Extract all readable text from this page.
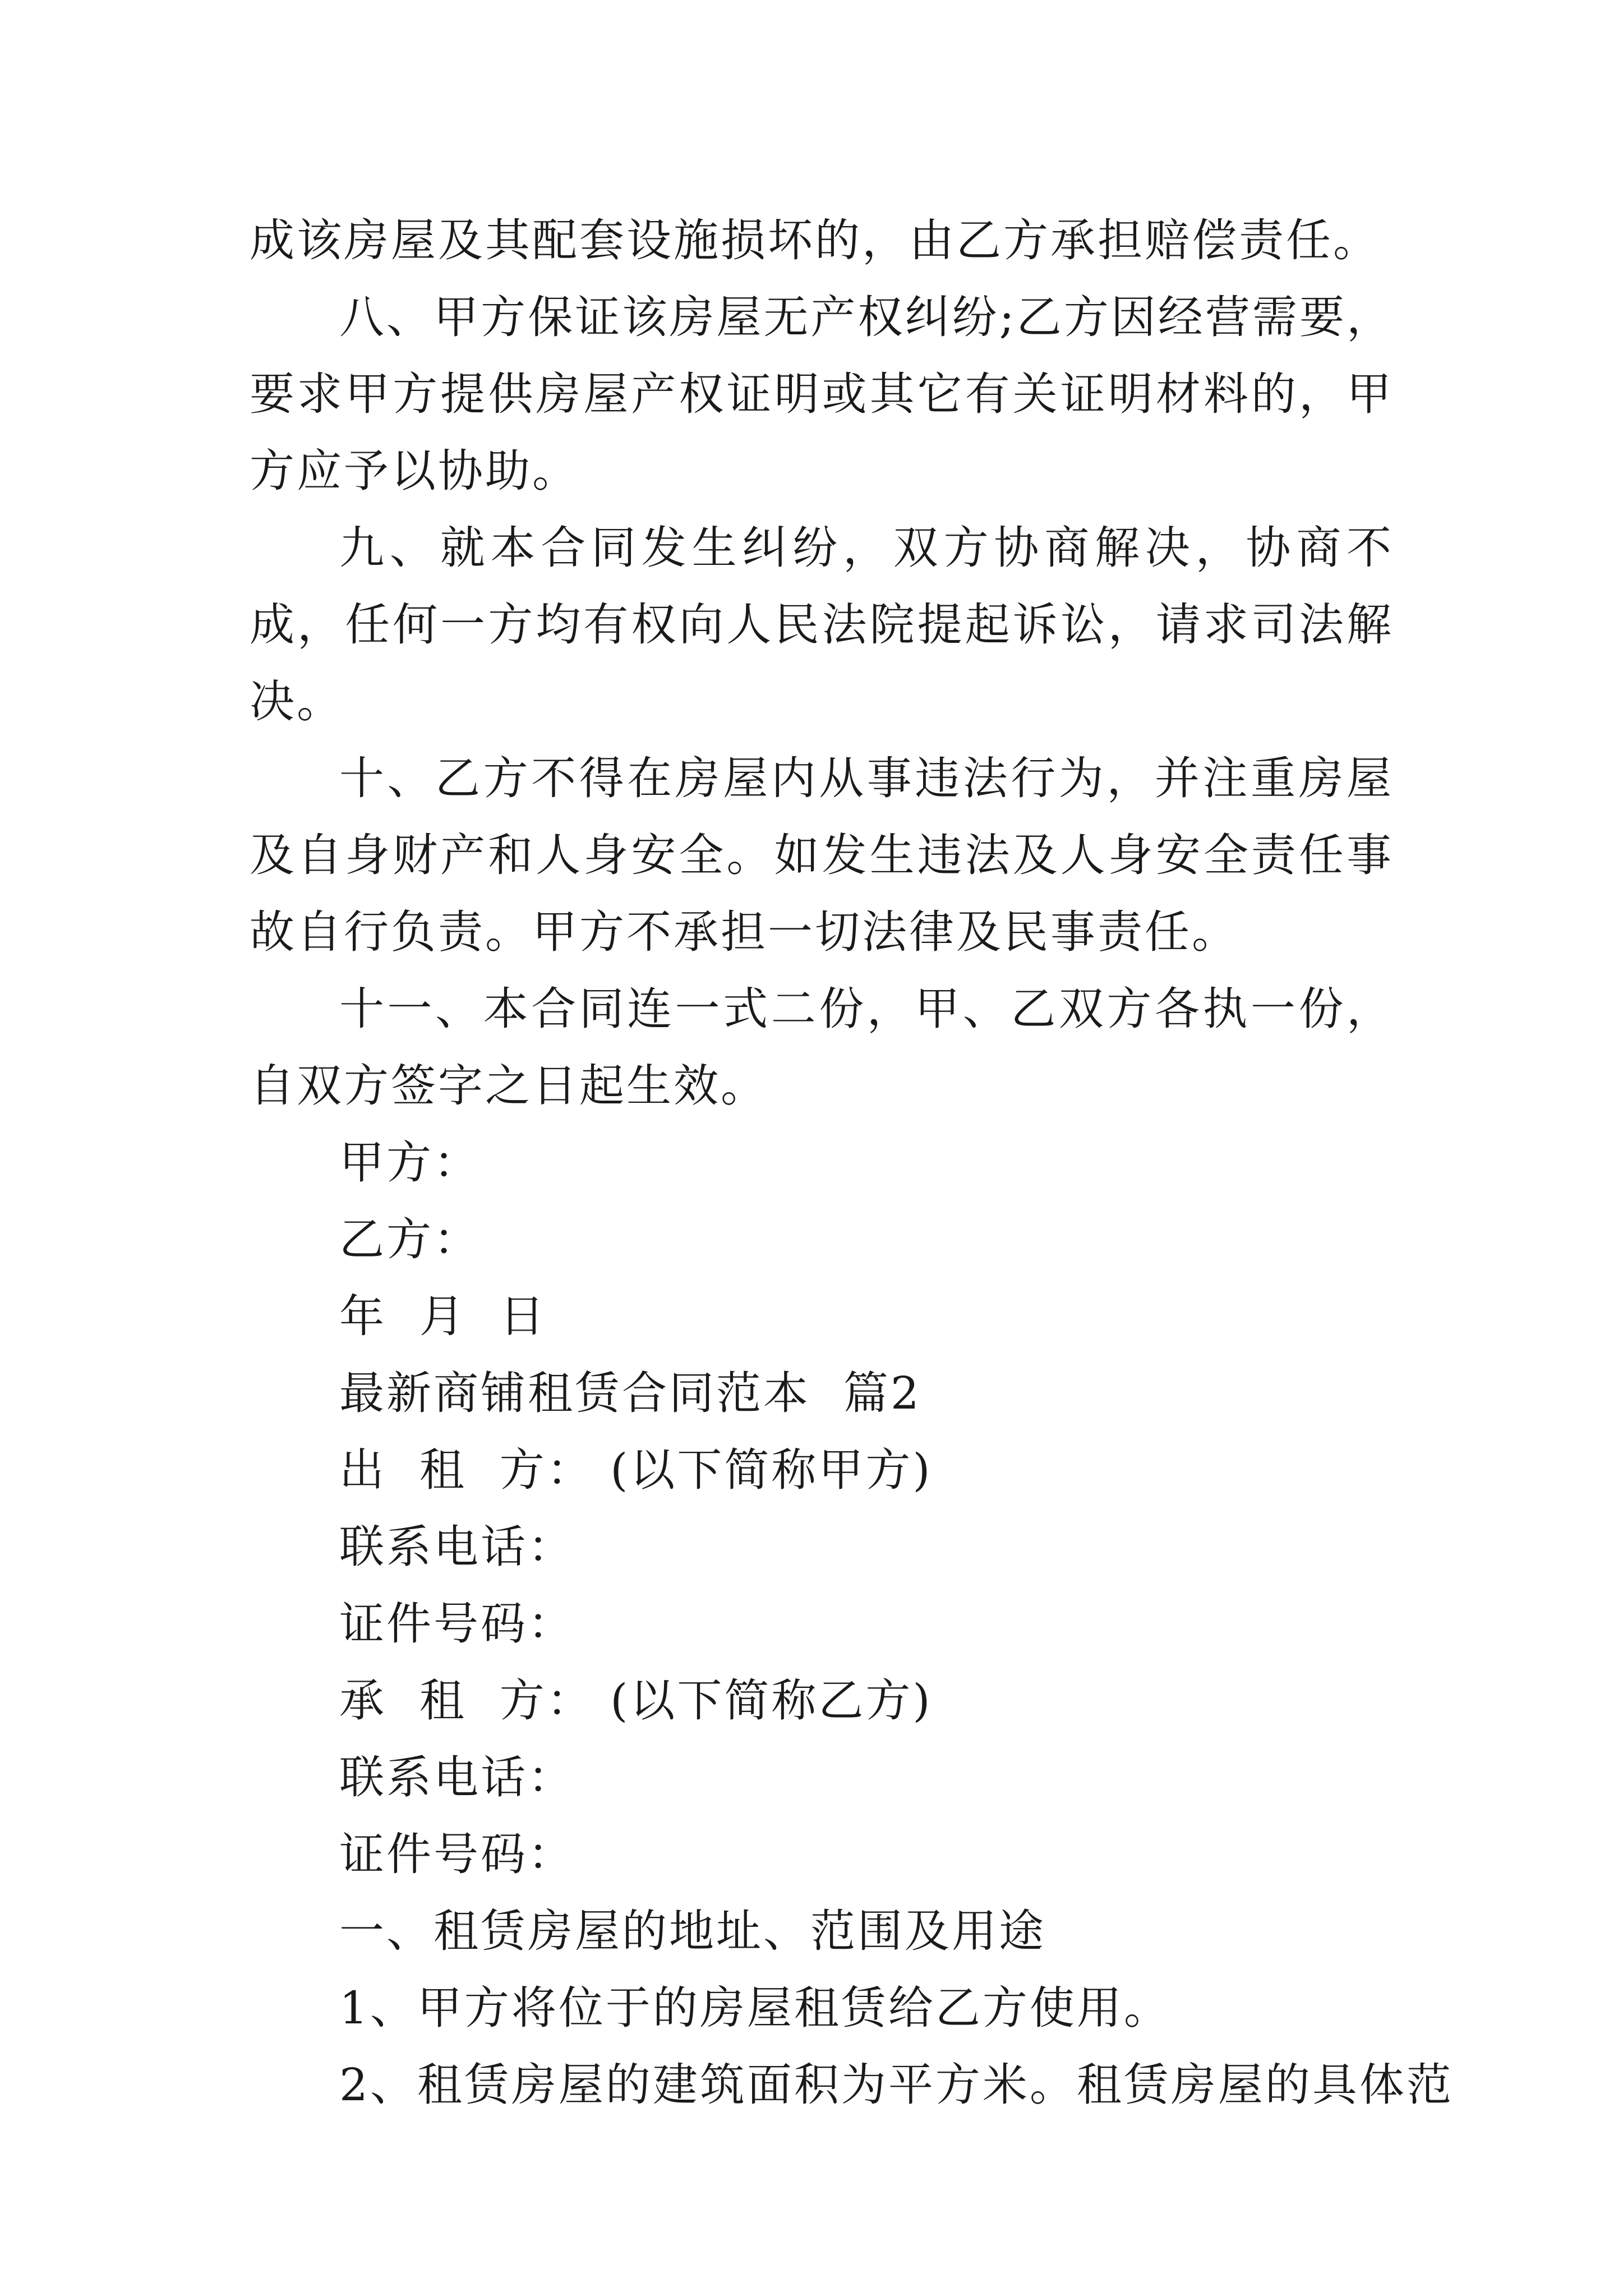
成该房屋及其配套设施损坏的，由乙方承担赔偿责任。

八、甲方保证该房屋无产权纠纷;乙方因经营需要，要求甲方提供房屋产权证明或其它有关证明材料的，甲方应予以协助。

九、就本合同发生纠纷，双方协商解决，协商不成，任何一方均有权向人民法院提起诉讼，请求司法解决。

十、乙方不得在房屋内从事违法行为，并注重房屋及自身财产和人身安全。如发生违法及人身安全责任事故自行负责。甲方不承担一切法律及民事责任。

十一、本合同连一式二份，甲、乙双方各执一份，自双方签字之日起生效。

甲方：

乙方：

年  月  日

最新商铺租赁合同范本  篇2

出  租  方： (以下简称甲方)

联系电话：

证件号码：

承  租  方： (以下简称乙方)

联系电话：

证件号码：

一、租赁房屋的地址、范围及用途

1、甲方将位于的房屋租赁给乙方使用。

2、租赁房屋的建筑面积为平方米。租赁房屋的具体范
